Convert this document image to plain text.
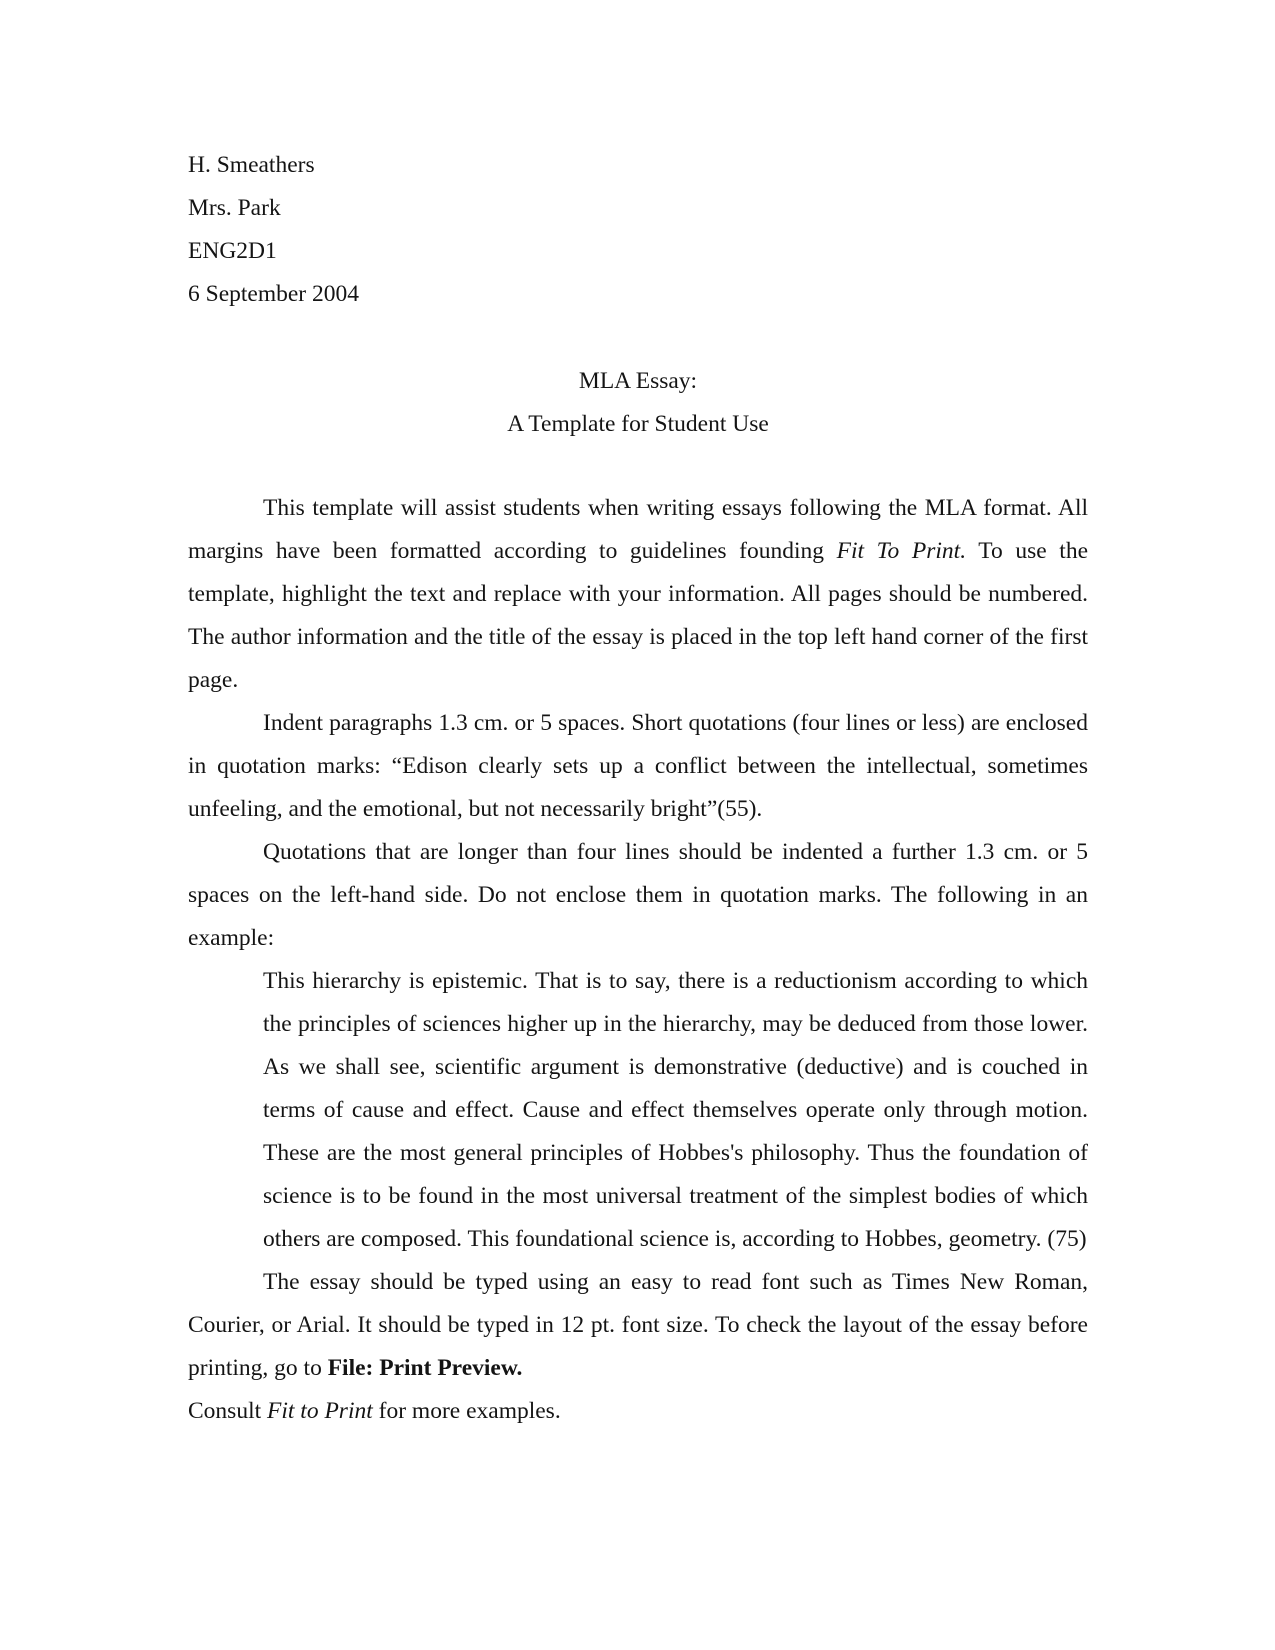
H. Smeathers
Mrs. Park
ENG2D1
6 September 2004
MLA Essay:
A Template for Student Use

This template will assist students when writing essays following the MLA format. All margins have been formatted according to guidelines founding Fit To Print. To use the template, highlight the text and replace with your information. All pages should be numbered. The author information and the title of the essay is placed in the top left hand corner of the first page.

Indent paragraphs 1.3 cm. or 5 spaces. Short quotations (four lines or less) are enclosed in quotation marks: “Edison clearly sets up a conflict between the intellectual, sometimes unfeeling, and the emotional, but not necessarily bright”(55).

Quotations that are longer than four lines should be indented a further 1.3 cm. or 5 spaces on the left-hand side. Do not enclose them in quotation marks. The following in an example:

This hierarchy is epistemic. That is to say, there is a reductionism according to which the principles of sciences higher up in the hierarchy, may be deduced from those lower. As we shall see, scientific argument is demonstrative (deductive) and is couched in terms of cause and effect. Cause and effect themselves operate only through motion. These are the most general principles of Hobbes's philosophy. Thus the foundation of science is to be found in the most universal treatment of the simplest bodies of which others are composed. This foundational science is, according to Hobbes, geometry. (75)

The essay should be typed using an easy to read font such as Times New Roman, Courier, or Arial. It should be typed in 12 pt. font size. To check the layout of the essay before printing, go to File: Print Preview.

Consult Fit to Print for more examples.
